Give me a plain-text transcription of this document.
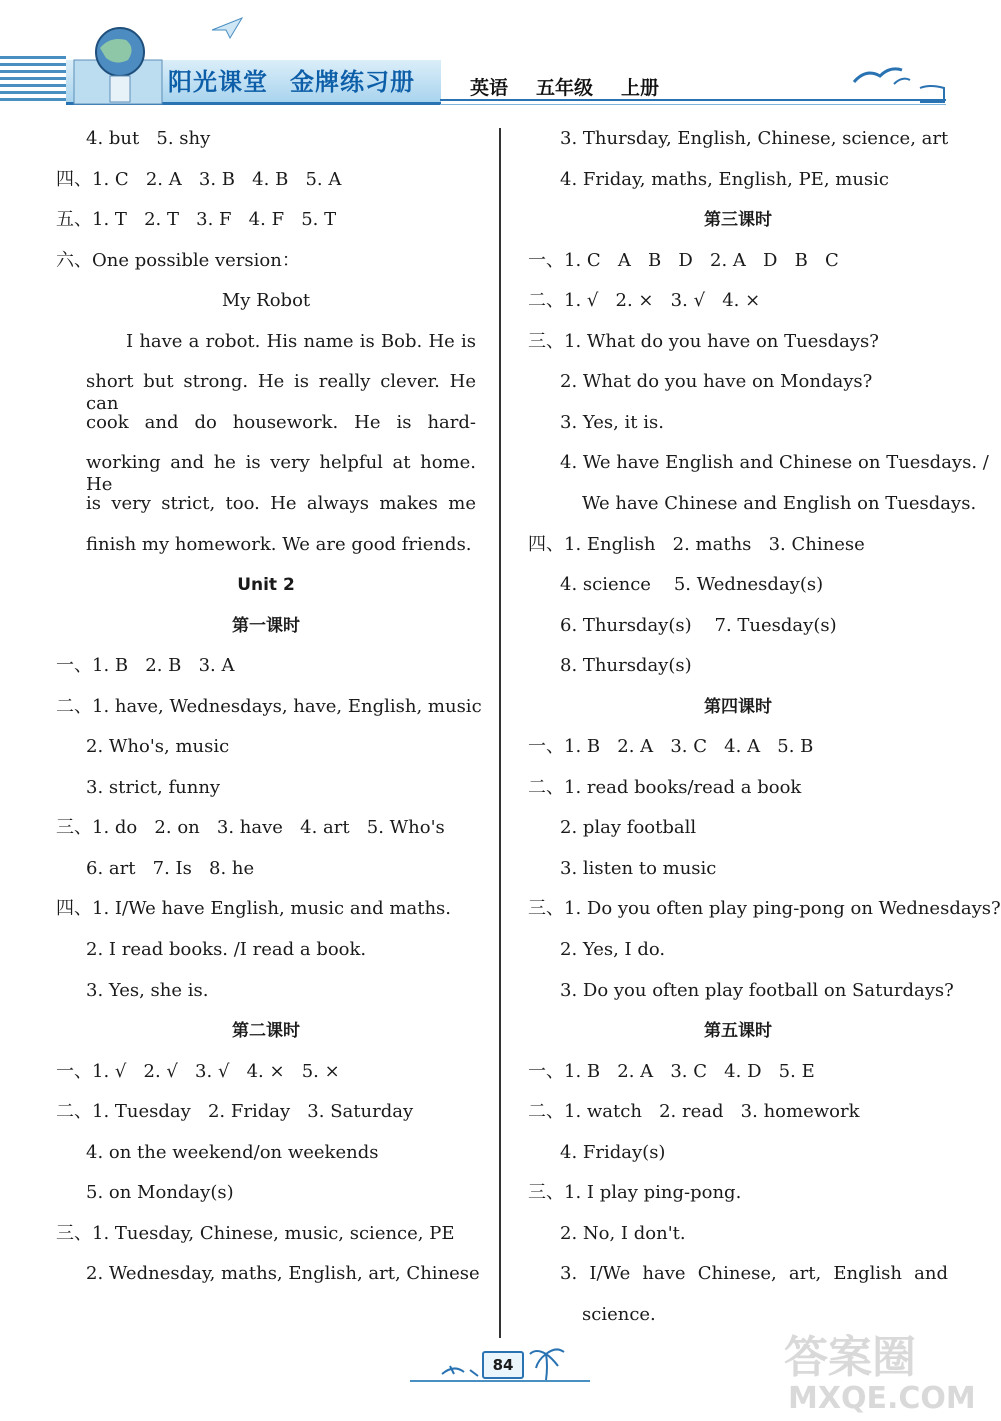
阳光课堂 金牌练习册	英语 五年级 上册
4. but   5. shy
四、1. C   2. A   3. B   4. B   5. A
五、1. T   2. T   3. F   4. F   5. T
六、One possible version：
My Robot
I have a robot. His name is Bob. He is
short but strong. He is really clever. He can
cook and do housework. He is hard-
working and he is very helpful at home. He
is very strict, too. He always makes me
finish my homework. We are good friends.
Unit 2
第一课时
一、1. B   2. B   3. A
二、1. have, Wednesdays, have, English, music
2. Who's, music
3. strict, funny
三、1. do   2. on   3. have   4. art   5. Who's
6. art   7. Is   8. he
四、1. I/We have English, music and maths.
2. I read books. /I read a book.
3. Yes, she is.
第二课时
一、1. √   2. √   3. √   4. ×   5. ×
二、1. Tuesday   2. Friday   3. Saturday
4. on the weekend/on weekends
5. on Monday(s)
三、1. Tuesday, Chinese, music, science, PE
2. Wednesday, maths, English, art, Chinese
3. Thursday, English, Chinese, science, art
4. Friday, maths, English, PE, music
第三课时
一、1. C   A   B   D   2. A   D   B   C
二、1. √   2. ×   3. √   4. ×
三、1. What do you have on Tuesdays?
2. What do you have on Mondays?
3. Yes, it is.
4. We have English and Chinese on Tuesdays. /
We have Chinese and English on Tuesdays.
四、1. English   2. maths   3. Chinese
4. science    5. Wednesday(s)
6. Thursday(s)    7. Tuesday(s)
8. Thursday(s)
第四课时
一、1. B   2. A   3. C   4. A   5. B
二、1. read books/read a book
2. play football
3. listen to music
三、1. Do you often play ping-pong on Wednesdays?
2. Yes, I do.
3. Do you often play football on Saturdays?
第五课时
一、1. B   2. A   3. C   4. D   5. E
二、1. watch   2. read   3. homework
4. Friday(s)
三、1. I play ping-pong.
2. No, I don't.
3. I/We have Chinese, art, English and
science.
84	答案圈
MXQE.COM
